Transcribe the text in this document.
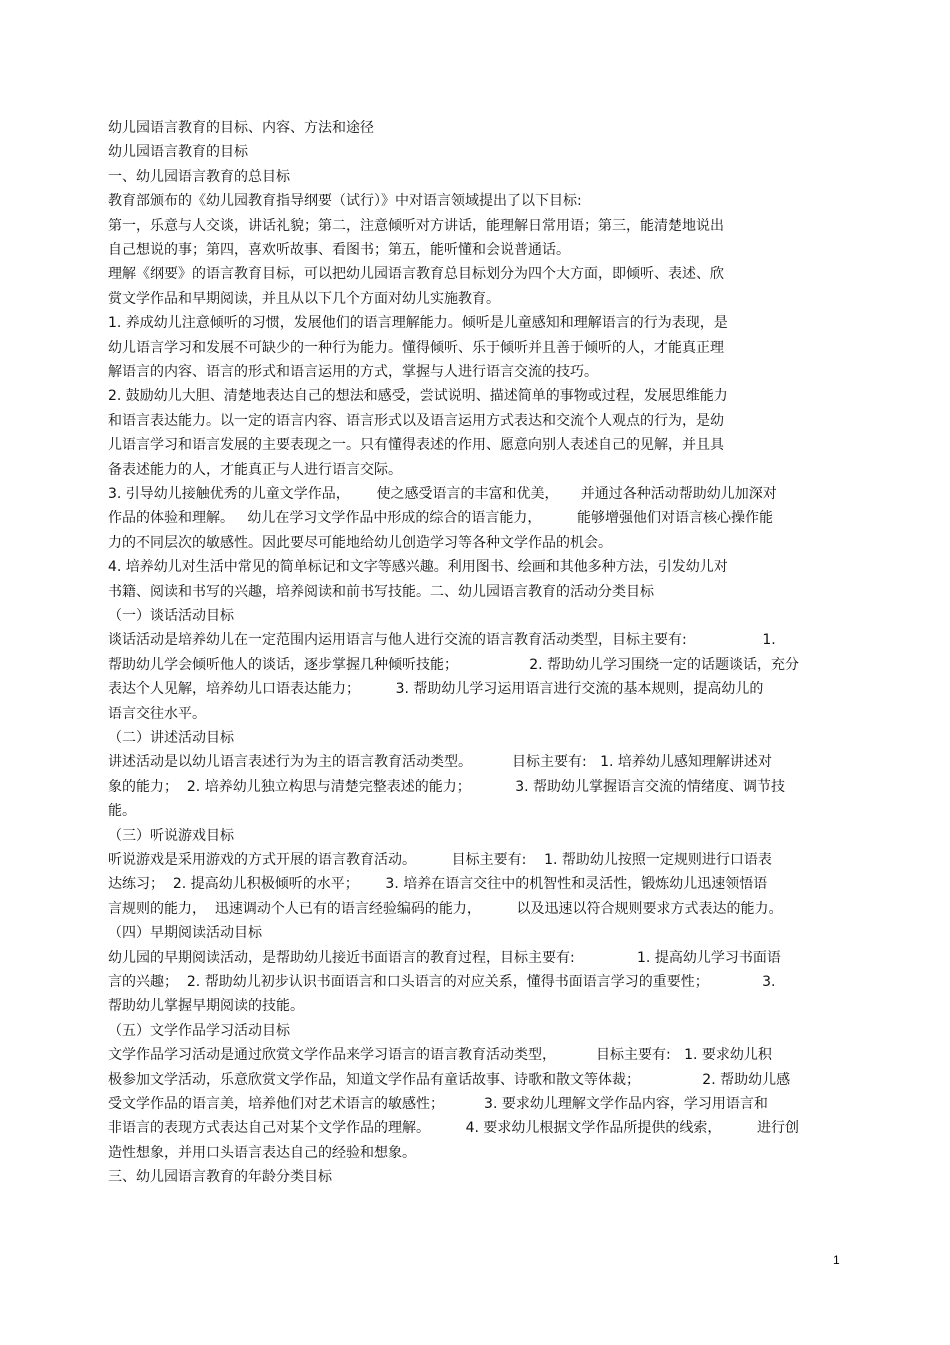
幼儿园语言教育的目标、内容、方法和途径
幼儿园语言教育的目标
一、幼儿园语言教育的总目标
教育部颁布的《幼儿园教育指导纲要（试行）》中对语言领域提出了以下目标:
第一，乐意与人交谈，讲话礼貌；第二，注意倾听对方讲话，能理解日常用语；第三，能清楚地说出
自己想说的事；第四，喜欢听故事、看图书；第五，能听懂和会说普通话。
理解《纲要》的语言教育目标，可以把幼儿园语言教育总目标划分为四个大方面，即倾听、表述、欣
赏文学作品和早期阅读，并且从以下几个方面对幼儿实施教育。
1. 养成幼儿注意倾听的习惯，发展他们的语言理解能力。倾听是儿童感知和理解语言的行为表现，是
幼儿语言学习和发展不可缺少的一种行为能力。懂得倾听、乐于倾听并且善于倾听的人，才能真正理
解语言的内容、语言的形式和语言运用的方式，掌握与人进行语言交流的技巧。
2. 鼓励幼儿大胆、清楚地表达自己的想法和感受，尝试说明、描述简单的事物或过程，发展思维能力
和语言表达能力。以一定的语言内容、语言形式以及语言运用方式表达和交流个人观点的行为，是幼
儿语言学习和语言发展的主要表现之一。只有懂得表述的作用、愿意向别人表述自己的见解，并且具
备表述能力的人，才能真正与人进行语言交际。
3. 引导幼儿接触优秀的儿童文学作品，      使之感受语言的丰富和优美，     并通过各种活动帮助幼儿加深对
作品的体验和理解。   幼儿在学习文学作品中形成的综合的语言能力，        能够增强他们对语言核心操作能
力的不同层次的敏感性。因此要尽可能地给幼儿创造学习等各种文学作品的机会。
4. 培养幼儿对生活中常见的简单标记和文字等感兴趣。利用图书、绘画和其他多种方法，引发幼儿对
书籍、阅读和书写的兴趣，培养阅读和前书写技能。二、幼儿园语言教育的活动分类目标
（一）谈话活动目标
谈话活动是培养幼儿在一定范围内运用语言与他人进行交流的语言教育活动类型，目标主要有:                 1.
帮助幼儿学会倾听他人的谈话，逐步掌握几种倾听技能；                2. 帮助幼儿学习围绕一定的话题谈话，充分
表达个人见解，培养幼儿口语表达能力；        3. 帮助幼儿学习运用语言进行交流的基本规则，提高幼儿的
语言交往水平。
（二）讲述活动目标
讲述活动是以幼儿语言表述行为为主的语言教育活动类型。         目标主要有:   1. 培养幼儿感知理解讲述对
象的能力；  2. 培养幼儿独立构思与清楚完整表述的能力；          3. 帮助幼儿掌握语言交流的情绪度、调节技
能。
（三）听说游戏目标
听说游戏是采用游戏的方式开展的语言教育活动。        目标主要有:    1. 帮助幼儿按照一定规则进行口语表
达练习；  2. 提高幼儿积极倾听的水平；      3. 培养在语言交往中的机智性和灵活性，锻炼幼儿迅速领悟语
言规则的能力，  迅速调动个人已有的语言经验编码的能力，        以及迅速以符合规则要求方式表达的能力。
（四）早期阅读活动目标
幼儿园的早期阅读活动，是帮助幼儿接近书面语言的教育过程，目标主要有:              1. 提高幼儿学习书面语
言的兴趣；  2. 帮助幼儿初步认识书面语言和口头语言的对应关系，懂得书面语言学习的重要性；            3.
帮助幼儿掌握早期阅读的技能。
（五）文学作品学习活动目标
文学作品学习活动是通过欣赏文学作品来学习语言的语言教育活动类型，         目标主要有:   1. 要求幼儿积
极参加文学活动，乐意欣赏文学作品，知道文学作品有童话故事、诗歌和散文等体裁；              2. 帮助幼儿感
受文学作品的语言美，培养他们对艺术语言的敏感性；         3. 要求幼儿理解文学作品内容，学习用语言和
非语言的表现方式表达自己对某个文学作品的理解。        4. 要求幼儿根据文学作品所提供的线索，        进行创
造性想象，并用口头语言表达自己的经验和想象。
三、幼儿园语言教育的年龄分类目标
1
